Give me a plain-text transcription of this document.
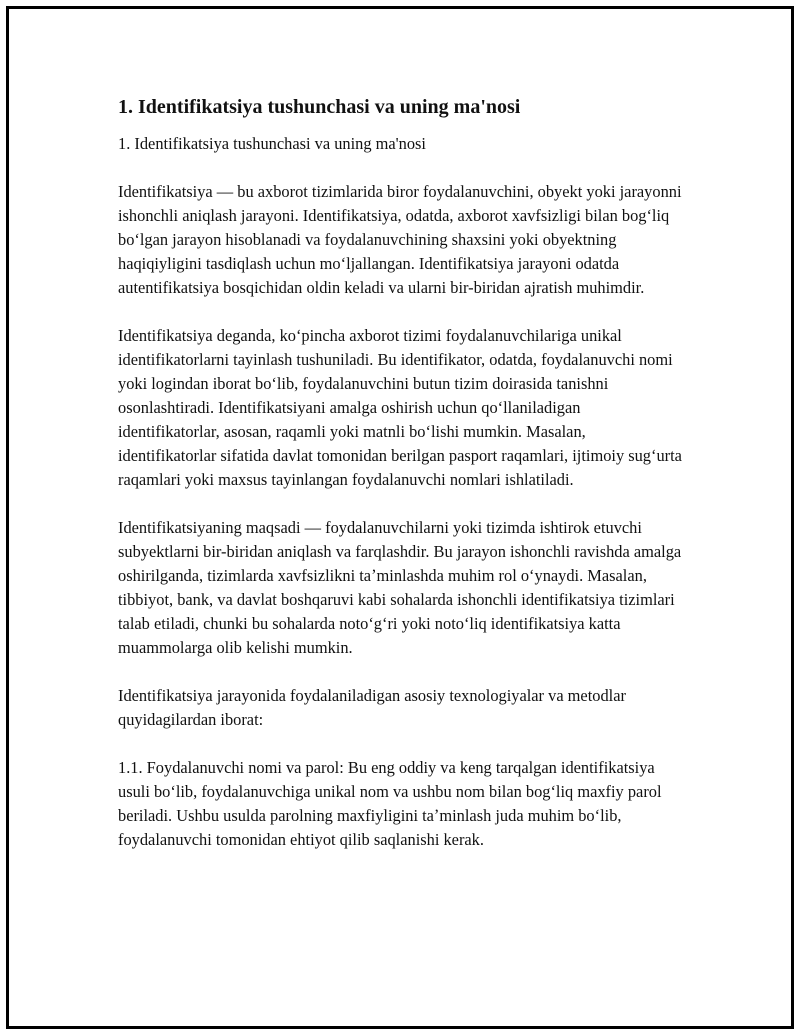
1. Identifikatsiya tushunchasi va uning ma'nosi

1. Identifikatsiya tushunchasi va uning ma'nosi

Identifikatsiya — bu axborot tizimlarida biror foydalanuvchini, obyekt yoki jarayonni ishonchli aniqlash jarayoni. Identifikatsiya, odatda, axborot xavfsizligi bilan bogʻliq boʻlgan jarayon hisoblanadi va foydalanuvchining shaxsini yoki obyektning haqiqiyligini tasdiqlash uchun moʻljallangan. Identifikatsiya jarayoni odatda autentifikatsiya bosqichidan oldin keladi va ularni bir-biridan ajratish muhimdir.

Identifikatsiya deganda, koʻpincha axborot tizimi foydalanuvchilariga unikal identifikatorlarni tayinlash tushuniladi. Bu identifikator, odatda, foydalanuvchi nomi yoki logindan iborat boʻlib, foydalanuvchini butun tizim doirasida tanishni osonlashtiradi. Identifikatsiyani amalga oshirish uchun qoʻllaniladigan identifikatorlar, asosan, raqamli yoki matnli boʻlishi mumkin. Masalan, identifikatorlar sifatida davlat tomonidan berilgan pasport raqamlari, ijtimoiy sugʻurta raqamlari yoki maxsus tayinlangan foydalanuvchi nomlari ishlatiladi.

Identifikatsiyaning maqsadi — foydalanuvchilarni yoki tizimda ishtirok etuvchi subyektlarni bir-biridan aniqlash va farqlashdir. Bu jarayon ishonchli ravishda amalga oshirilganda, tizimlarda xavfsizlikni taʼminlashda muhim rol oʻynaydi. Masalan, tibbiyot, bank, va davlat boshqaruvi kabi sohalarda ishonchli identifikatsiya tizimlari talab etiladi, chunki bu sohalarda notoʻgʻri yoki notoʻliq identifikatsiya katta muammolarga olib kelishi mumkin.

Identifikatsiya jarayonida foydalaniladigan asosiy texnologiyalar va metodlar quyidagilardan iborat:

1.1. Foydalanuvchi nomi va parol: Bu eng oddiy va keng tarqalgan identifikatsiya usuli boʻlib, foydalanuvchiga unikal nom va ushbu nom bilan bogʻliq maxfiy parol beriladi. Ushbu usulda parolning maxfiyligini taʼminlash juda muhim boʻlib, foydalanuvchi tomonidan ehtiyot qilib saqlanishi kerak.
